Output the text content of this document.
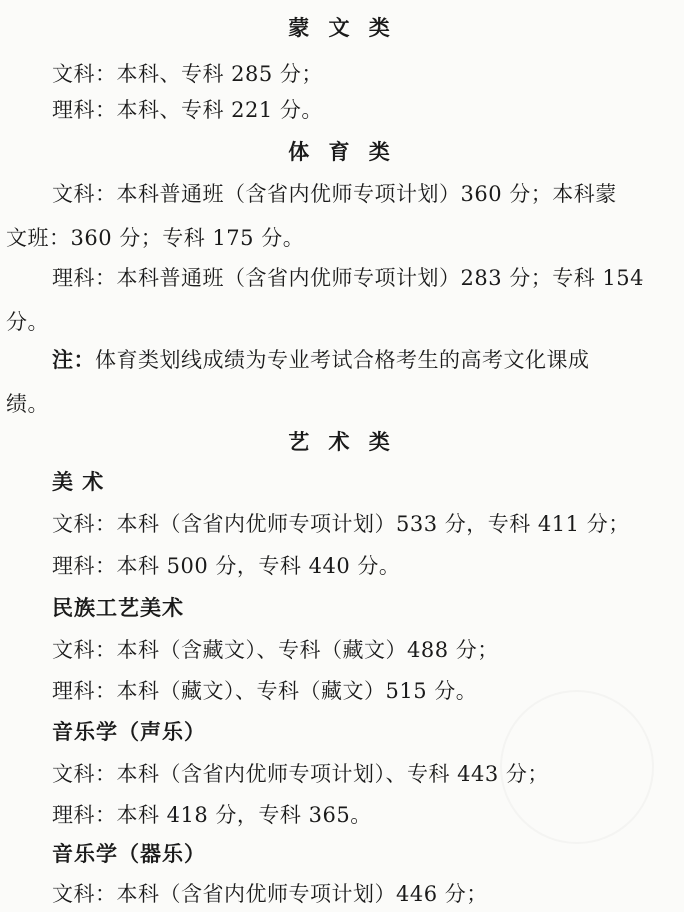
蒙 文 类
文科：本科、专科 285 分；
理科：本科、专科 221 分。
体 育 类
文科：本科普通班（含省内优师专项计划）360 分；本科蒙
文班：360 分；专科 175 分。
理科：本科普通班（含省内优师专项计划）283 分；专科 154
分。
注：体育类划线成绩为专业考试合格考生的高考文化课成
绩。
艺 术 类
美 术
文科：本科（含省内优师专项计划）533 分，专科 411 分；
理科：本科 500 分，专科 440 分。
民族工艺美术
文科：本科（含藏文）、专科（藏文）488 分；
理科：本科（藏文）、专科（藏文）515 分。
音乐学（声乐）
文科：本科（含省内优师专项计划）、专科 443 分；
理科：本科 418 分，专科 365。
音乐学（器乐）
文科：本科（含省内优师专项计划）446 分；
